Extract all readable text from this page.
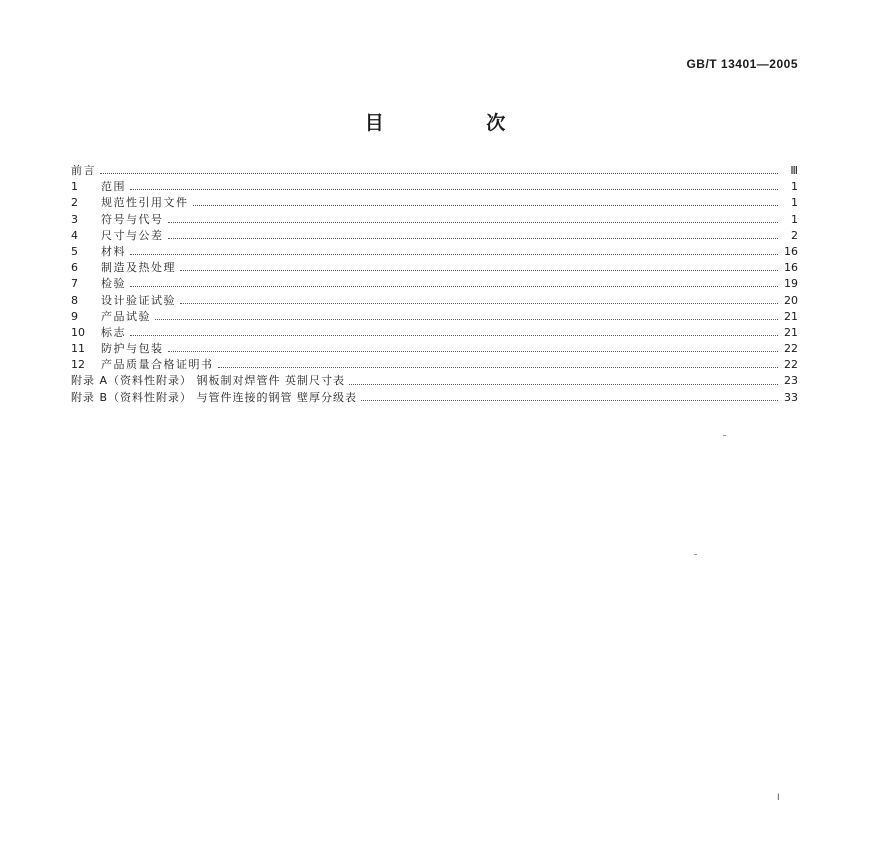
GB/T 13401—2005
目 次
前言	Ⅲ
1	范围	1
2	规范性引用文件	1
3	符号与代号	1
4	尺寸与公差	2
5	材料	16
6	制造及热处理	16
7	检验	19
8	设计验证试验	20
9	产品试验	21
10	标志	21
11	防护与包装	22
12	产品质量合格证明书	22
附录 A（资料性附录） 钢板制对焊管件 英制尺寸表	23
附录 B（资料性附录） 与管件连接的钢管 壁厚分级表	33
I
